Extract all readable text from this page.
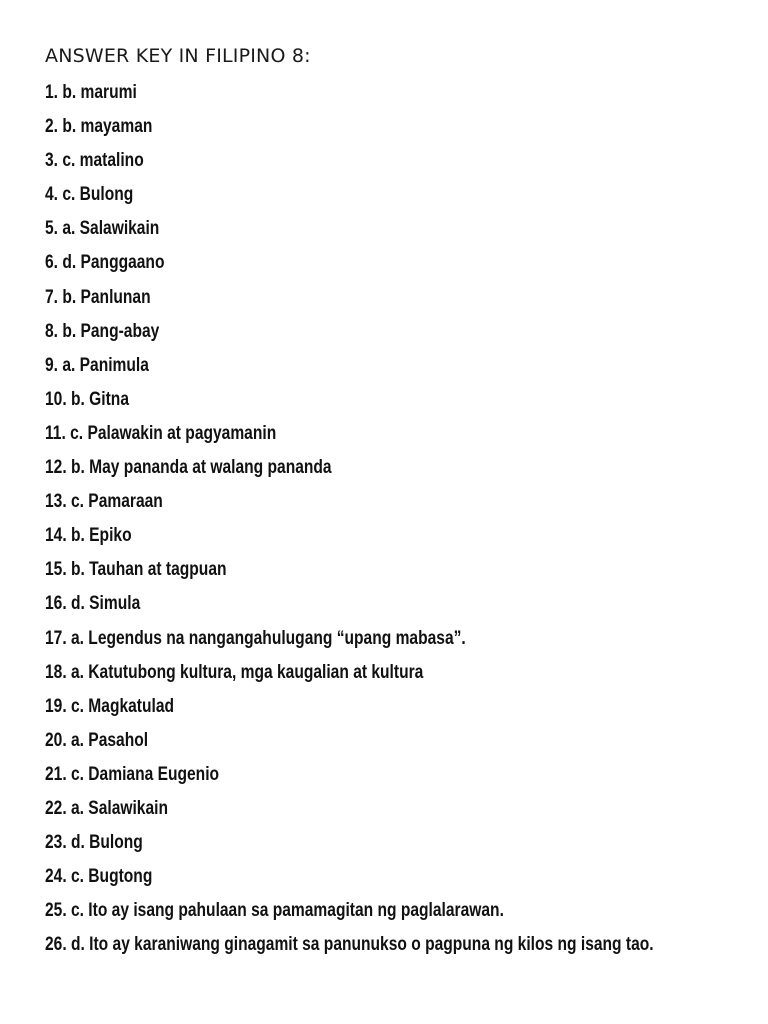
ANSWER KEY IN FILIPINO 8:
1. b. marumi
2. b. mayaman
3. c. matalino
4. c. Bulong
5. a. Salawikain
6. d. Panggaano
7. b. Panlunan
8. b. Pang-abay
9. a. Panimula
10. b. Gitna
11. c. Palawakin at pagyamanin
12. b. May pananda at walang pananda
13. c. Pamaraan
14. b. Epiko
15. b. Tauhan at tagpuan
16. d. Simula
17. a. Legendus na nangangahulugang “upang mabasa”.
18. a. Katutubong kultura, mga kaugalian at kultura
19. c. Magkatulad
20. a. Pasahol
21. c. Damiana Eugenio
22. a. Salawikain
23. d. Bulong
24. c. Bugtong
25. c. Ito ay isang pahulaan sa pamamagitan ng paglalarawan.
26. d. Ito ay karaniwang ginagamit sa panunukso o pagpuna ng kilos ng isang tao.
